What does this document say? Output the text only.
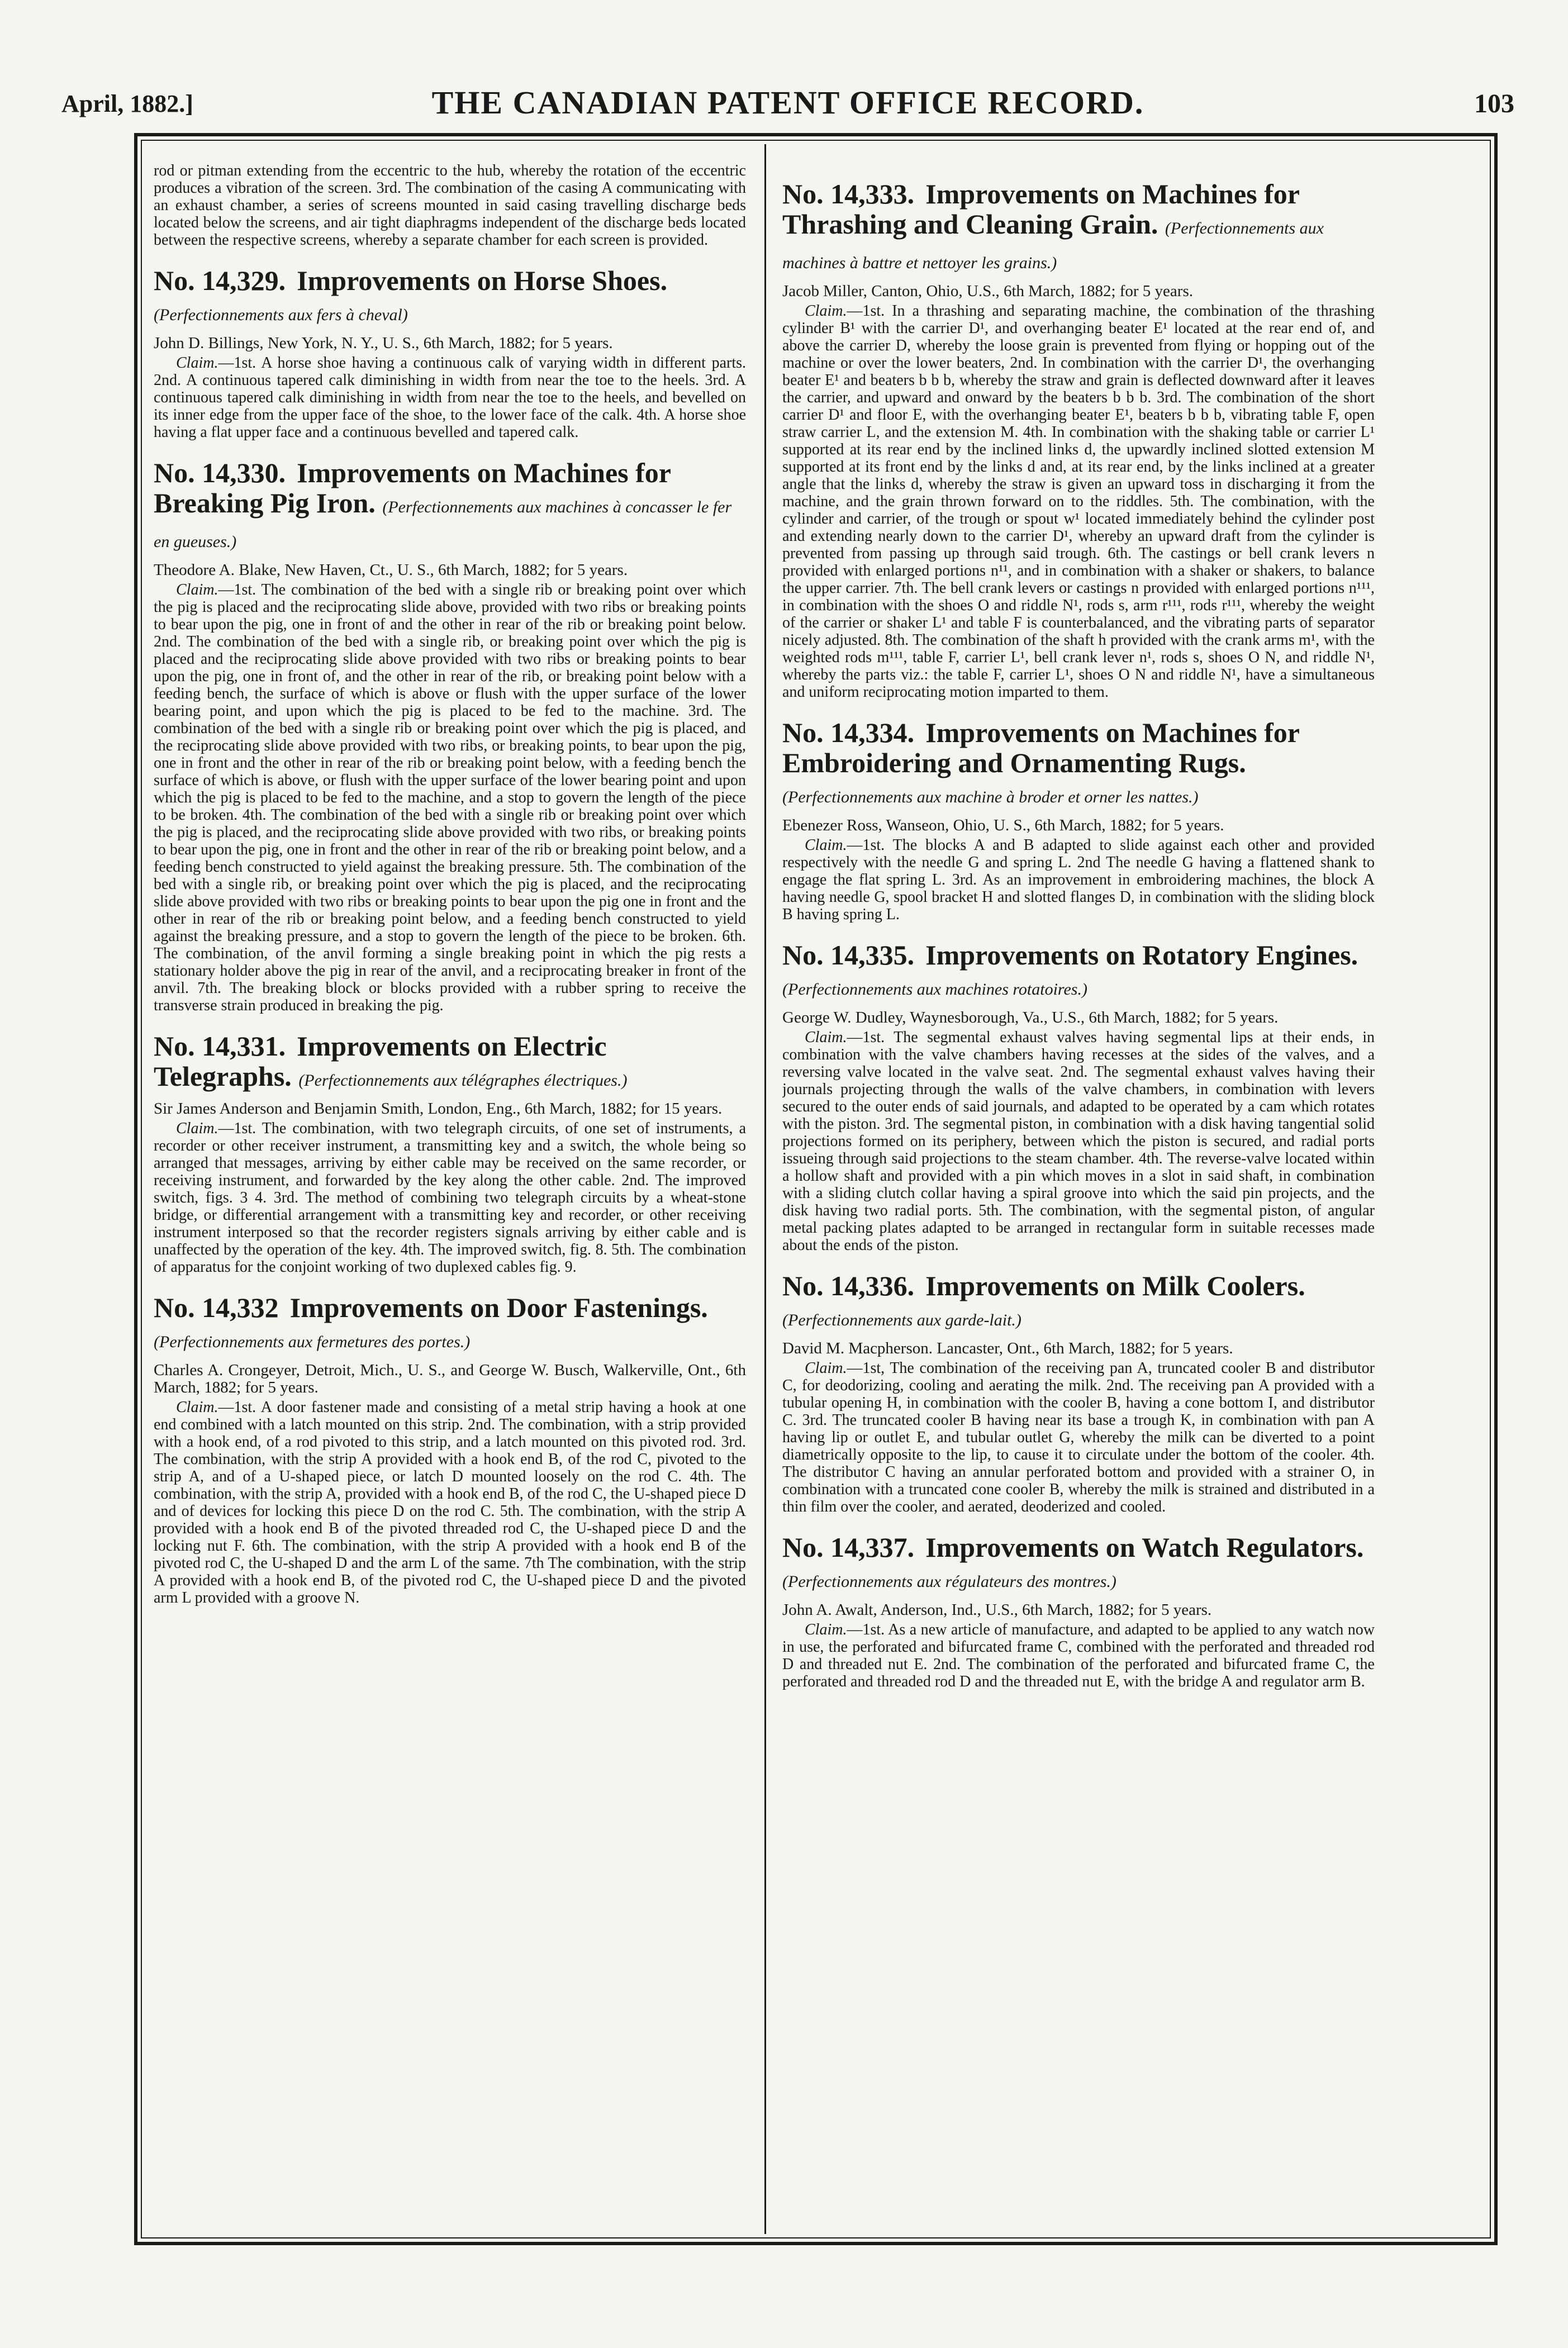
April, 1882.]	THE CANADIAN PATENT OFFICE RECORD.	103

rod or pitman extending from the eccentric to the hub, whereby the rotation of the eccentric produces a vibration of the screen. 3rd. The combination of the casing A communicating with an exhaust chamber, a series of screens mounted in said casing travelling discharge beds located below the screens, and air tight diaphragms independent of the discharge beds located between the respective screens, whereby a separate chamber for each screen is provided.

No. 14,329. Improvements on Horse Shoes. (Perfectionnements aux fers à cheval)

John D. Billings, New York, N. Y., U. S., 6th March, 1882; for 5 years.

Claim.—1st. A horse shoe having a continuous calk of varying width in different parts. 2nd. A continuous tapered calk diminishing in width from near the toe to the heels. 3rd. A continuous tapered calk diminishing in width from near the toe to the heels, and bevelled on its inner edge from the upper face of the shoe, to the lower face of the calk. 4th. A horse shoe having a flat upper face and a continuous bevelled and tapered calk.

No. 14,330. Improvements on Machines for Breaking Pig Iron. (Perfectionnements aux machines à concasser le fer en gueuses.)

Theodore A. Blake, New Haven, Ct., U. S., 6th March, 1882; for 5 years.

Claim.—1st. The combination of the bed with a single rib or breaking point over which the pig is placed and the reciprocating slide above, provided with two ribs or breaking points to bear upon the pig, one in front of and the other in rear of the rib or breaking point below. 2nd. The combination of the bed with a single rib, or breaking point over which the pig is placed and the reciprocating slide above provided with two ribs or breaking points to bear upon the pig, one in front of, and the other in rear of the rib, or breaking point below with a feeding bench, the surface of which is above or flush with the upper surface of the lower bearing point, and upon which the pig is placed to be fed to the machine. 3rd. The combination of the bed with a single rib or breaking point over which the pig is placed, and the reciprocating slide above provided with two ribs, or breaking points, to bear upon the pig, one in front and the other in rear of the rib or breaking point below, with a feeding bench the surface of which is above, or flush with the upper surface of the lower bearing point and upon which the pig is placed to be fed to the machine, and a stop to govern the length of the piece to be broken. 4th. The combination of the bed with a single rib or breaking point over which the pig is placed, and the reciprocating slide above provided with two ribs, or breaking points to bear upon the pig, one in front and the other in rear of the rib or breaking point below, and a feeding bench constructed to yield against the breaking pressure. 5th. The combination of the bed with a single rib, or breaking point over which the pig is placed, and the reciprocating slide above provided with two ribs or breaking points to bear upon the pig one in front and the other in rear of the rib or breaking point below, and a feeding bench constructed to yield against the breaking pressure, and a stop to govern the length of the piece to be broken. 6th. The combination, of the anvil forming a single breaking point in which the pig rests a stationary holder above the pig in rear of the anvil, and a reciprocating breaker in front of the anvil. 7th. The breaking block or blocks provided with a rubber spring to receive the transverse strain produced in breaking the pig.

No. 14,331. Improvements on Electric Telegraphs. (Perfectionnements aux télégraphes électriques.)

Sir James Anderson and Benjamin Smith, London, Eng., 6th March, 1882; for 15 years.

Claim.—1st. The combination, with two telegraph circuits, of one set of instruments, a recorder or other receiver instrument, a transmitting key and a switch, the whole being so arranged that messages, arriving by either cable may be received on the same recorder, or receiving instrument, and forwarded by the key along the other cable. 2nd. The improved switch, figs. 3 4. 3rd. The method of combining two telegraph circuits by a wheat-stone bridge, or differential arrangement with a transmitting key and recorder, or other receiving instrument interposed so that the recorder registers signals arriving by either cable and is unaffected by the operation of the key. 4th. The improved switch, fig. 8. 5th. The combination of apparatus for the conjoint working of two duplexed cables fig. 9.

No. 14,332 Improvements on Door Fastenings. (Perfectionnements aux fermetures des portes.)

Charles A. Crongeyer, Detroit, Mich., U. S., and George W. Busch, Walkerville, Ont., 6th March, 1882; for 5 years.

Claim.—1st. A door fastener made and consisting of a metal strip having a hook at one end combined with a latch mounted on this strip. 2nd. The combination, with a strip provided with a hook end, of a rod pivoted to this strip, and a latch mounted on this pivoted rod. 3rd. The combination, with the strip A provided with a hook end B, of the rod C, pivoted to the strip A, and of a U-shaped piece, or latch D mounted loosely on the rod C. 4th. The combination, with the strip A, provided with a hook end B, of the rod C, the U-shaped piece D and of devices for locking this piece D on the rod C. 5th. The combination, with the strip A provided with a hook end B of the pivoted threaded rod C, the U-shaped piece D and the locking nut F. 6th. The combination, with the strip A provided with a hook end B of the pivoted rod C, the U-shaped D and the arm L of the same. 7th The combination, with the strip A provided with a hook end B, of the pivoted rod C, the U-shaped piece D and the pivoted arm L provided with a groove N.

No. 14,333. Improvements on Machines for Thrashing and Cleaning Grain. (Perfectionnements aux machines à battre et nettoyer les grains.)

Jacob Miller, Canton, Ohio, U.S., 6th March, 1882; for 5 years.

Claim.—1st. In a thrashing and separating machine, the combination of the thrashing cylinder B¹ with the carrier D¹, and overhanging beater E¹ located at the rear end of, and above the carrier D, whereby the loose grain is prevented from flying or hopping out of the machine or over the lower beaters, 2nd. In combination with the carrier D¹, the overhanging beater E¹ and beaters b b b, whereby the straw and grain is deflected downward after it leaves the carrier, and upward and onward by the beaters b b b. 3rd. The combination of the short carrier D¹ and floor E, with the overhanging beater E¹, beaters b b b, vibrating table F, open straw carrier L, and the extension M. 4th. In combination with the shaking table or carrier L¹ supported at its rear end by the inclined links d, the upwardly inclined slotted extension M supported at its front end by the links d and, at its rear end, by the links inclined at a greater angle that the links d, whereby the straw is given an upward toss in discharging it from the machine, and the grain thrown forward on to the riddles. 5th. The combination, with the cylinder and carrier, of the trough or spout w¹ located immediately behind the cylinder post and extending nearly down to the carrier D¹, whereby an upward draft from the cylinder is prevented from passing up through said trough. 6th. The castings or bell crank levers n provided with enlarged portions n¹¹, and in combination with a shaker or shakers, to balance the upper carrier. 7th. The bell crank levers or castings n provided with enlarged portions n¹¹¹, in combination with the shoes O and riddle N¹, rods s, arm r¹¹¹, rods r¹¹¹, whereby the weight of the carrier or shaker L¹ and table F is counterbalanced, and the vibrating parts of separator nicely adjusted. 8th. The combination of the shaft h provided with the crank arms m¹, with the weighted rods m¹¹¹, table F, carrier L¹, bell crank lever n¹, rods s, shoes O N, and riddle N¹, whereby the parts viz.: the table F, carrier L¹, shoes O N and riddle N¹, have a simultaneous and uniform reciprocating motion imparted to them.

No. 14,334. Improvements on Machines for Embroidering and Ornamenting Rugs. (Perfectionnements aux machine à broder et orner les nattes.)

Ebenezer Ross, Wanseon, Ohio, U. S., 6th March, 1882; for 5 years.

Claim.—1st. The blocks A and B adapted to slide against each other and provided respectively with the needle G and spring L. 2nd The needle G having a flattened shank to engage the flat spring L. 3rd. As an improvement in embroidering machines, the block A having needle G, spool bracket H and slotted flanges D, in combination with the sliding block B having spring L.

No. 14,335. Improvements on Rotatory Engines. (Perfectionnements aux machines rotatoires.)

George W. Dudley, Waynesborough, Va., U.S., 6th March, 1882; for 5 years.

Claim.—1st. The segmental exhaust valves having segmental lips at their ends, in combination with the valve chambers having recesses at the sides of the valves, and a reversing valve located in the valve seat. 2nd. The segmental exhaust valves having their journals projecting through the walls of the valve chambers, in combination with levers secured to the outer ends of said journals, and adapted to be operated by a cam which rotates with the piston. 3rd. The segmental piston, in combination with a disk having tangential solid projections formed on its periphery, between which the piston is secured, and radial ports issueing through said projections to the steam chamber. 4th. The reverse-valve located within a hollow shaft and provided with a pin which moves in a slot in said shaft, in combination with a sliding clutch collar having a spiral groove into which the said pin projects, and the disk having two radial ports. 5th. The combination, with the segmental piston, of angular metal packing plates adapted to be arranged in rectangular form in suitable recesses made about the ends of the piston.

No. 14,336. Improvements on Milk Coolers. (Perfectionnements aux garde-lait.)

David M. Macpherson. Lancaster, Ont., 6th March, 1882; for 5 years.

Claim.—1st, The combination of the receiving pan A, truncated cooler B and distributor C, for deodorizing, cooling and aerating the milk. 2nd. The receiving pan A provided with a tubular opening H, in combination with the cooler B, having a cone bottom I, and distributor C. 3rd. The truncated cooler B having near its base a trough K, in combination with pan A having lip or outlet E, and tubular outlet G, whereby the milk can be diverted to a point diametrically opposite to the lip, to cause it to circulate under the bottom of the cooler. 4th. The distributor C having an annular perforated bottom and provided with a strainer O, in combination with a truncated cone cooler B, whereby the milk is strained and distributed in a thin film over the cooler, and aerated, deoderized and cooled.

No. 14,337. Improvements on Watch Regulators. (Perfectionnements aux régulateurs des montres.)

John A. Awalt, Anderson, Ind., U.S., 6th March, 1882; for 5 years.

Claim.—1st. As a new article of manufacture, and adapted to be applied to any watch now in use, the perforated and bifurcated frame C, combined with the perforated and threaded rod D and threaded nut E. 2nd. The combination of the perforated and bifurcated frame C, the perforated and threaded rod D and the threaded nut E, with the bridge A and regulator arm B.
